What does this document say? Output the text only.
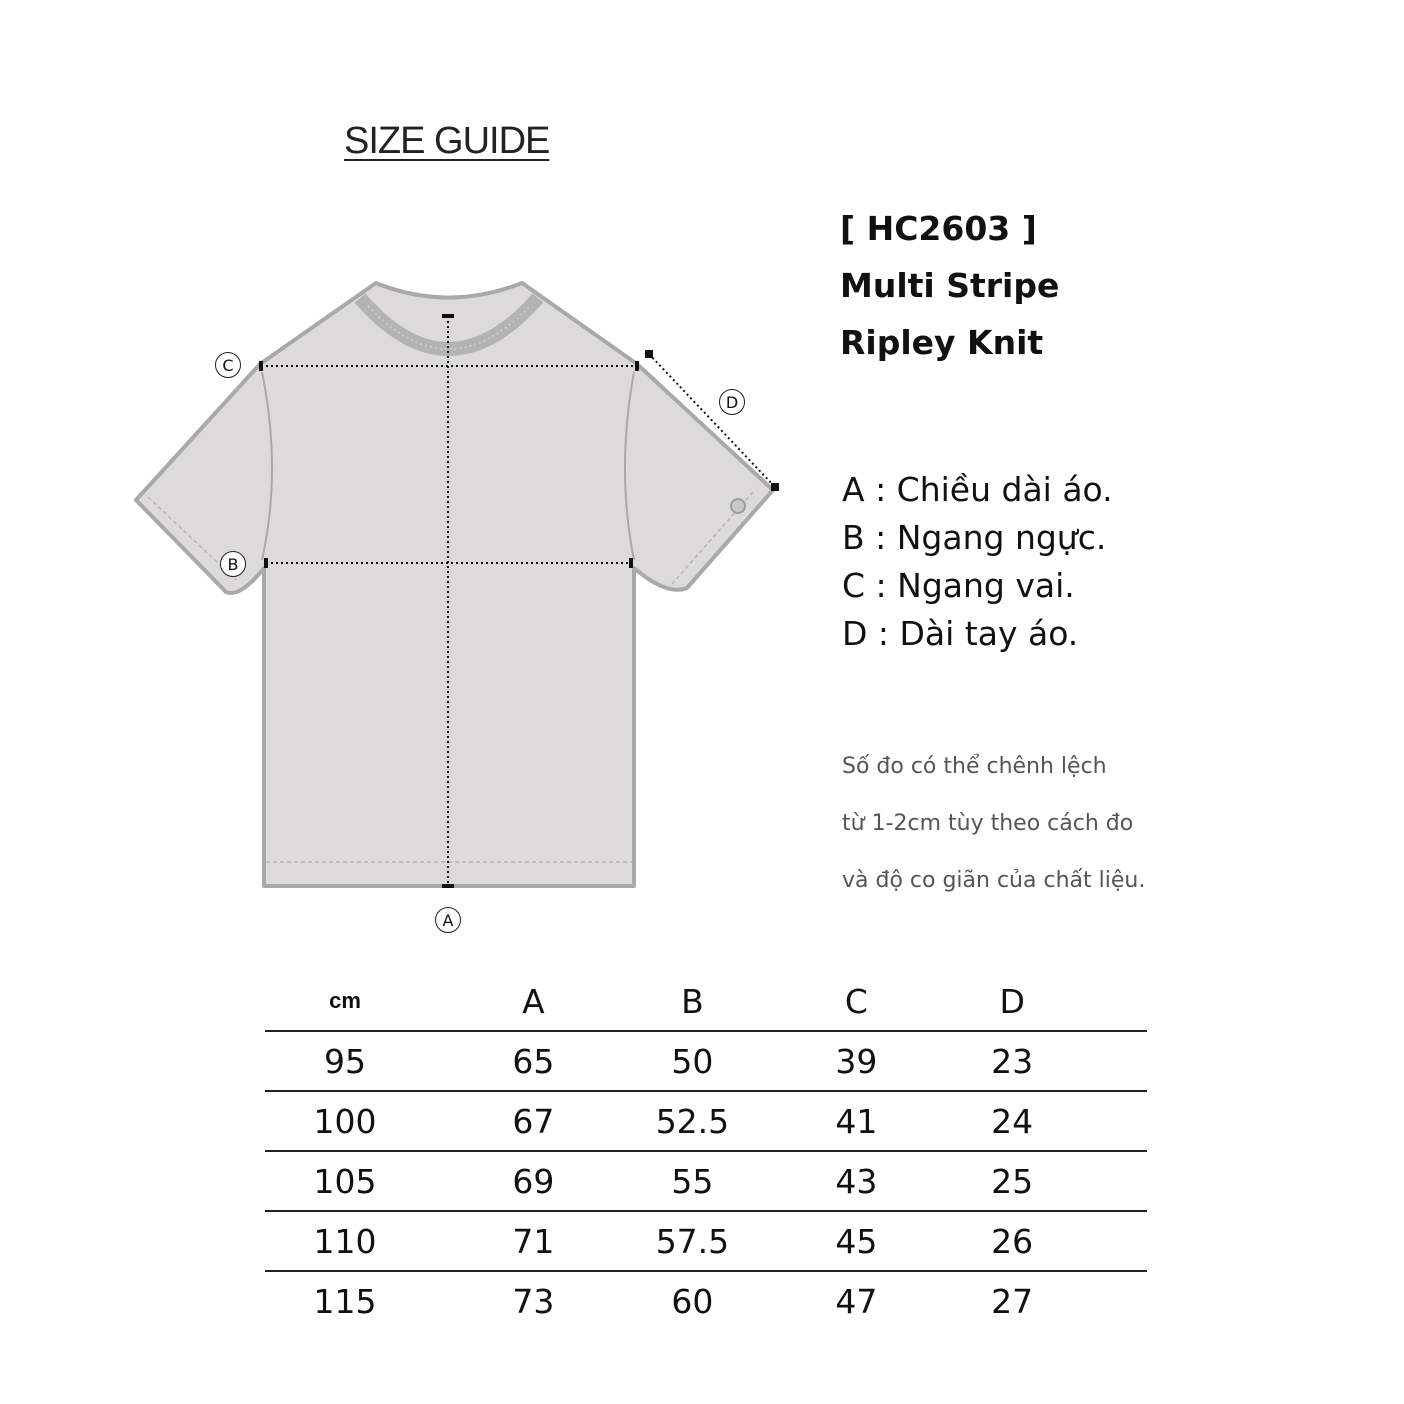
SIZE GUIDE
C
B
D
A
[ HC2603 ]
Multi Stripe
Ripley Knit
A : Chiều dài áo.
B : Ngang ngực.
C : Ngang vai.
D : Dài tay áo.
Số đo có thể chênh lệch
từ 1-2cm tùy theo cách đo
và độ co giãn của chất liệu.
cm	A	B	C	D	
95	65	50	39	23	
100	67	52.5	41	24	
105	69	55	43	25	
110	71	57.5	45	26	
115	73	60	47	27	
